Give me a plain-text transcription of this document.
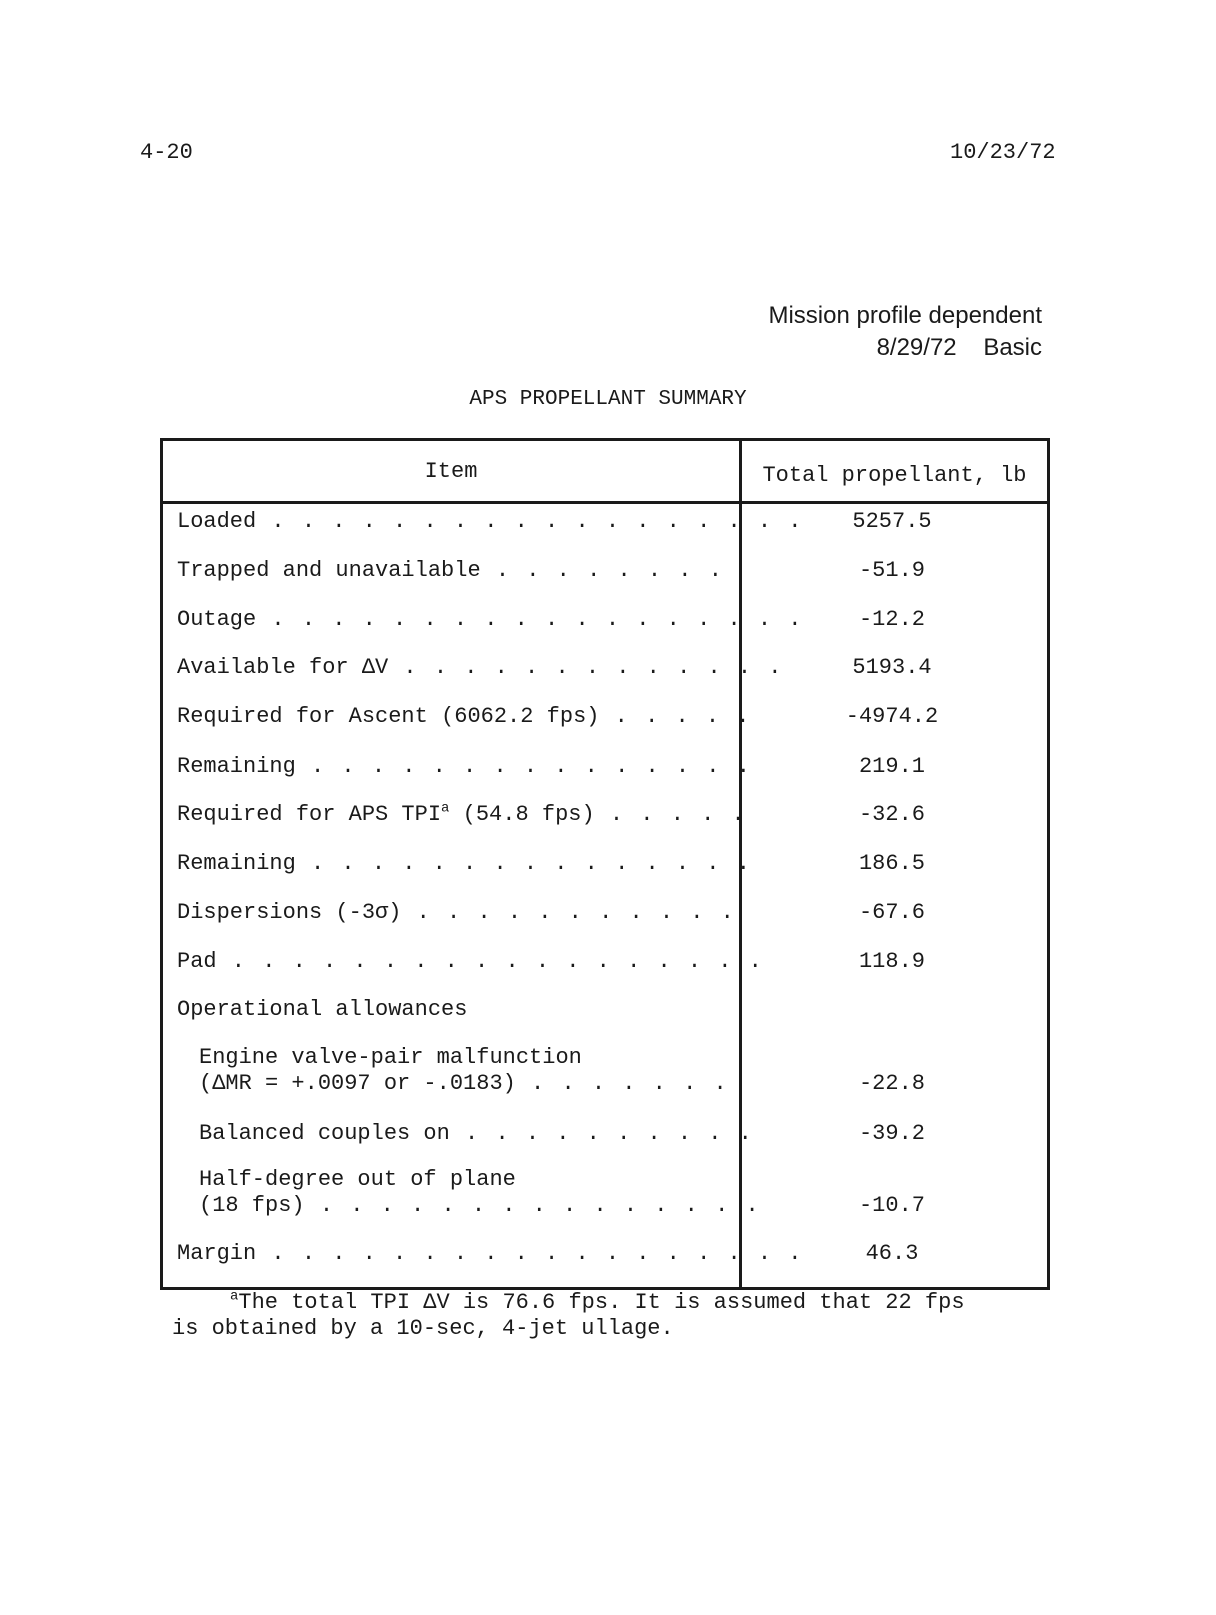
4-20	10/23/72
Mission profile dependent
8/29/72 Basic
APS PROPELLANT SUMMARY
Item	Total propellant, lb
Loaded . . . . . . . . . . . . . . . . . .	5257.5
Trapped and unavailable . . . . . . . .	-51.9
Outage . . . . . . . . . . . . . . . . . .	-12.2
Available for ΔV . . . . . . . . . . . . .	5193.4
Required for Ascent (6062.2 fps) . . . . .	-4974.2
Remaining . . . . . . . . . . . . . . .	219.1
Required for APS TPI$^a$ (54.8 fps) . . . . .	-32.6
Remaining . . . . . . . . . . . . . . .	186.5
Dispersions (-3σ) . . . . . . . . . . .	-67.6
Pad . . . . . . . . . . . . . . . . . .	118.9
Operational allowances
Engine valve-pair malfunction
(ΔMR = +.0097 or -.0183) . . . . . . .	-22.8
Balanced couples on . . . . . . . . . .	-39.2
Half-degree out of plane
(18 fps) . . . . . . . . . . . . . . .	-10.7
Margin . . . . . . . . . . . . . . . . . .	46.3
$^a$The total TPI ΔV is 76.6 fps. It is assumed that 22 fps
is obtained by a 10-sec, 4-jet ullage.
